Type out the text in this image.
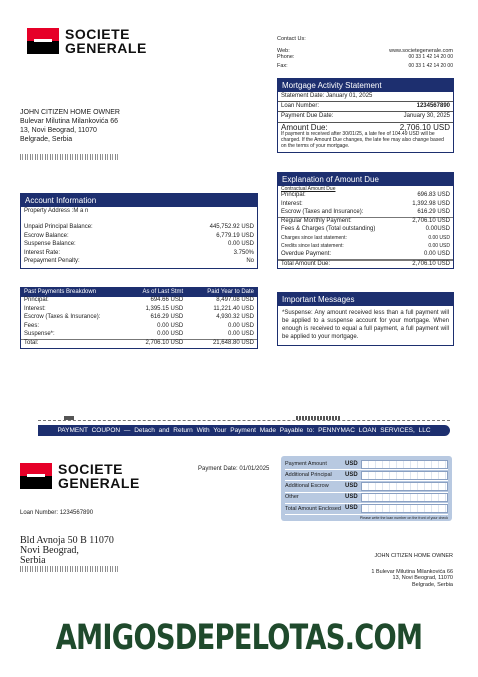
SOCIETE
GENERALE
Contact Us:
Web:	www.societegenerale.com
Phone:	00 33 1 42 14 20 00
Fax:	00 33 1 42 14 20 00
JOHN CITIZEN HOME OWNER
Bulevar Milutina Milankovića 66
13, Novi Beograd, 11070
Belgrade, Serbia
Mortgage Activity Statement
Statement Date: January 01, 2025
Loan Number:	1234567890
Payment Due Date:	January 30, 2025
Amount Due:	2,706.10 USD
If payment is received after 30/01/25, a late fee of 104.49 USD will be charged. If the Amount Due changes, the late fee may also change based on the terms of your mortgage.
Account Information
Property Address :M a n
Unpaid Principal Balance:	445,752.92 USD
Escrow Balance:	6,779.19 USD
Suspense Balance:	0.00 USD
Interest Rate:	3.750%
Prepayment Penalty:	No
Explanation of Amount Due
Contractual Amount Due
Principal:	696.83 USD
Interest:	1,392.98 USD
Escrow (Taxes and Insurance):	616.29 USD
Regular Monthly Payment:	2,706.10 USD
Fees & Charges (Total outstanding)	0.00USD
Charges since last statement:	0.00 USD
Credits since last statement:	0.00 USD
Overdue Payment:	0.00 USD
Total Amount Due:	2,706.10 USD
Past Payments Breakdown	As of Last Stmt	Paid Year to Date
Principal:	694.66 USD	8,497.08 USD
Interest:	1,395.15 USD	11,221.40 USD
Escrow (Taxes & Insurance):	616.29 USD	4,930.32 USD
Fees:	0.00 USD	0.00 USD
Suspense*:	0.00 USD	0.00 USD
Total:	2,706.10 USD	21,648.80 USD
Important Messages
*Suspense: Any amount received less than a full payment will be applied to a suspense account for your mortgage. When enough is received to equal a full payment, a full payment will be applied to your mortgage.
PAYMENT COUPON — Detach and Return With Your Payment Made Payable to: PENNYMAC LOAN SERVICES, LLC
SOCIETE
GENERALE
Payment Date: 01/01/2025
Loan Number: 1234567890
Payment Amount	USD
Additional Principal	USD
Additional Escrow	USD
Other	USD
Total Amount Enclosed USD
Please write the loan number on the front of your check
Bld Avnoja 50 B 11070
Novi Beograd,
Serbia	JOHN CITIZEN HOME OWNER
1 Bulevar Milutina Milankovića 66
13, Novi Beograd, 11070
Belgrade, Serbia
AMIGOSDEPELOTAS.COM
